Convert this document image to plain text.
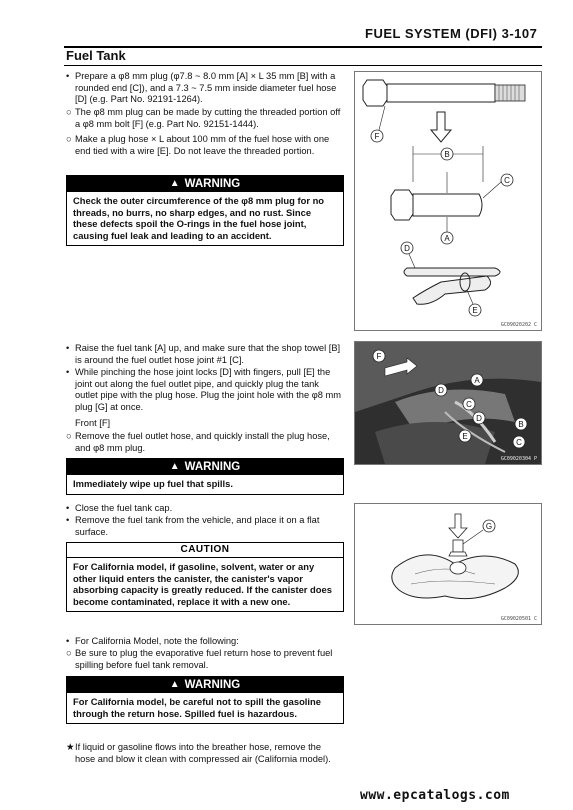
FUEL SYSTEM (DFI) 3-107
Fuel Tank
• Prepare a φ8 mm plug (φ7.8 ~ 8.0 mm [A] × L 35 mm [B] with a rounded end [C]), and a 7.3 ~ 7.5 mm inside diameter fuel hose [D] (e.g. Part No. 92191-1264).
○ The φ8 mm plug can be made by cutting the threaded portion off a φ8 mm bolt [F] (e.g. Part No. 92151-1444).
○ Make a plug hose × L about 100 mm of the fuel hose with one end tied with a wire [E]. Do not leave the threaded portion.
▲ WARNING
Check the outer circumference of the φ8 mm plug for no threads, no burrs, no sharp edges, and no rust. Since these defects spoil the O-rings in the fuel hose joint, causing fuel leak and leading to an accident.
F
B
C
D
A
E
GC09020202 C
• Raise the fuel tank [A] up, and make sure that the shop towel [B] is around the fuel outlet hose joint #1 [C].
• While pinching the hose joint locks [D] with fingers, pull [E] the joint out along the fuel outlet pipe, and quickly plug the tank outlet pipe with the plug hose. Plug the joint hole with the φ8 mm plug [G] at once.
Front [F]
○ Remove the fuel outlet hose, and quickly install the plug hose, and φ8 mm plug.
▲ WARNING
Immediately wipe up fuel that spills.
F
A
D
C
D
E
B
C
GC09020304 P
• Close the fuel tank cap.
• Remove the fuel tank from the vehicle, and place it on a flat surface.
CAUTION
For California model, if gasoline, solvent, water or any other liquid enters the canister, the canister's vapor absorbing capacity is greatly reduced. If the canister does become contaminated, replace it with a new one.
G
GC09020501 C
• For California Model, note the following:
○ Be sure to plug the evaporative fuel return hose to prevent fuel spilling before fuel tank removal.
▲ WARNING
For California model, be careful not to spill the gasoline through the return hose. Spilled fuel is hazardous.
★ If liquid or gasoline flows into the breather hose, remove the hose and blow it clean with compressed air (California model).
www.epcatalogs.com
